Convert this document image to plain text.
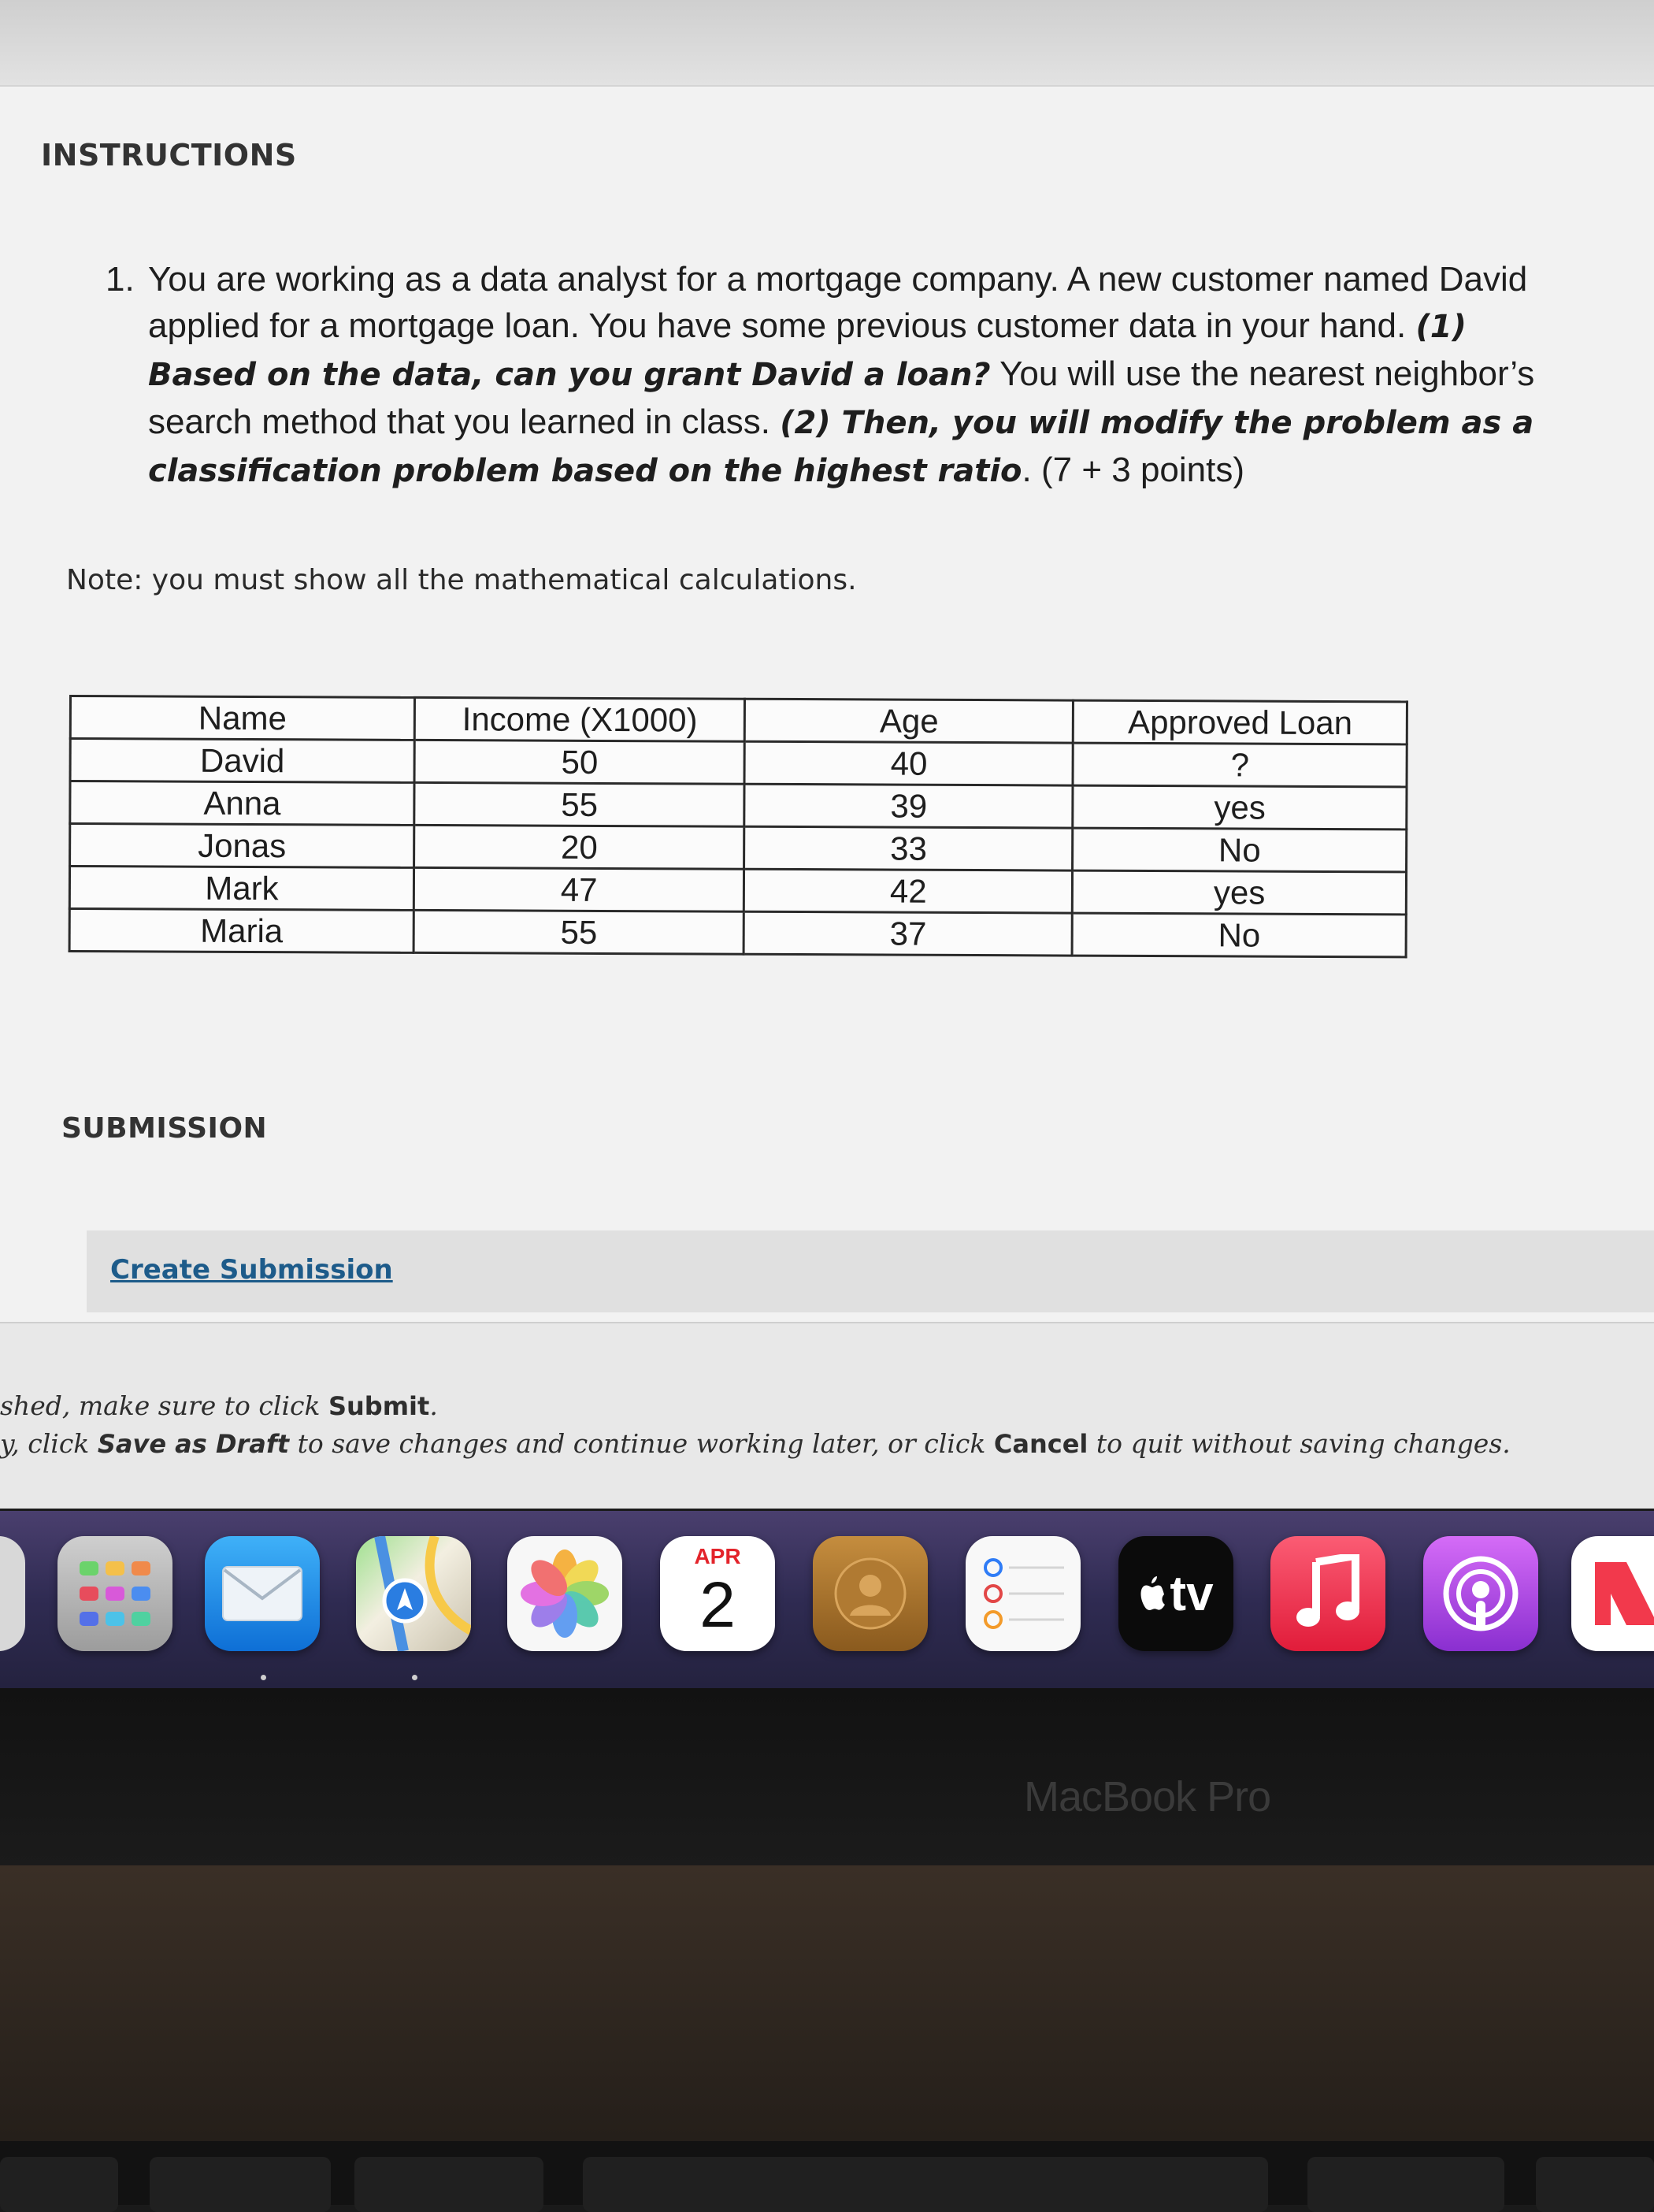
INSTRUCTIONS
1. You are working as a data analyst for a mortgage company. A new customer named David applied for a mortgage loan. You have some previous customer data in your hand. (1) Based on the data, can you grant David a loan? You will use the nearest neighbor’s search method that you learned in class. (2) Then, you will modify the problem as a classification problem based on the highest ratio. (7 + 3 points)

Note: you must show all the mathematical calculations.

Name	Income (X1000)	Age	Approved Loan
David	50	40	?
Anna	55	39	yes
Jonas	20	33	No
Mark	47	42	yes
Maria	55	37	No
SUBMISSION
Create Submission

shed, make sure to click Submit.

y, click Save as Draft to save changes and continue working later, or click Cancel to quit without saving changes.

APR
2	tv

MacBook Pro
